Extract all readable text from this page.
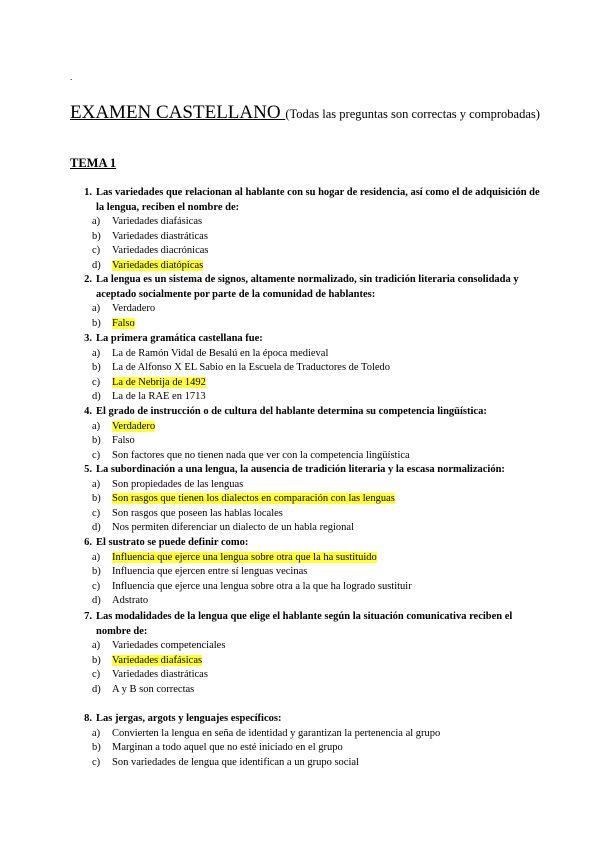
.
EXAMEN CASTELLANO (Todas las preguntas son correctas y comprobadas)
TEMA 1
1. Las variedades que relacionan al hablante con su hogar de residencia, así como el de adquisición de la lengua, reciben el nombre de:
a) Variedades diafásicas
b) Variedades diastráticas
c) Variedades diacrónicas
d) Variedades diatópicas
2. La lengua es un sistema de signos, altamente normalizado, sin tradición literaria consolidada y aceptado socialmente por parte de la comunidad de hablantes:
a) Verdadero
b) Falso
3. La primera gramática castellana fue:
a) La de Ramón Vidal de Besalú en la época medieval
b) La de Alfonso X EL Sabio en la Escuela de Traductores de Toledo
c) La de Nebrija de 1492
d) La de la RAE en 1713
4. El grado de instrucción o de cultura del hablante determina su competencia lingüística:
a) Verdadero
b) Falso
c) Son factores que no tienen nada que ver con la competencia lingüística
5. La subordinación a una lengua, la ausencia de tradición literaria y la escasa normalización:
a) Son propiedades de las lenguas
b) Son rasgos que tienen los dialectos en comparación con las lenguas
c) Son rasgos que poseen las hablas locales
d) Nos permiten diferenciar un dialecto de un habla regional
6. El sustrato se puede definir como:
a) Influencia que ejerce una lengua sobre otra que la ha sustituido
b) Influencia que ejercen entre sí lenguas vecinas
c) Influencia que ejerce una lengua sobre otra a la que ha logrado sustituir
d) Adstrato
7. Las modalidades de la lengua que elige el hablante según la situación comunicativa reciben el nombre de:
a) Variedades competenciales
b) Variedades diafásicas
c) Variedades diastráticas
d) A y B son correctas
8. Las jergas, argots y lenguajes específicos:
a) Convierten la lengua en seña de identidad y garantizan la pertenencia al grupo
b) Marginan a todo aquel que no esté iniciado en el grupo
c) Son variedades de lengua que identifican a un grupo social
